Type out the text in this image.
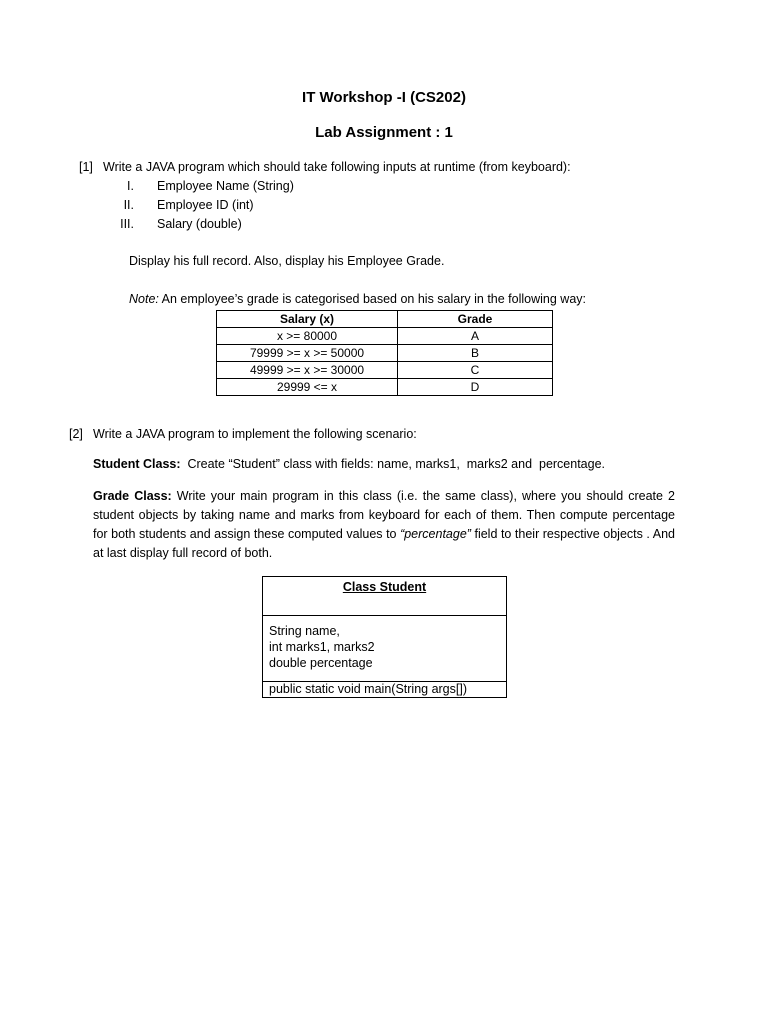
IT Workshop -I (CS202)
Lab Assignment : 1
[1] Write a JAVA program which should take following inputs at runtime (from keyboard):
I. Employee Name (String)
II. Employee ID (int)
III. Salary (double)
Display his full record. Also, display his Employee Grade.
Note: An employee’s grade is categorised based on his salary in the following way:
Salary (x)	Grade
x >= 80000	A
79999 >= x >= 50000	B
49999 >= x >= 30000	C
29999 <= x	D
[2] Write a JAVA program to implement the following scenario:
Student Class:  Create “Student” class with fields: name, marks1,  marks2 and  percentage.
Grade Class: Write your main program in this class (i.e. the same class), where you should create 2 student objects by taking name and marks from keyboard for each of them. Then compute percentage for both students and assign these computed values to “percentage” field to their respective objects . And at last display full record of both.
Class Student
String name,
int marks1, marks2
double percentage
public static void main(String args[])
